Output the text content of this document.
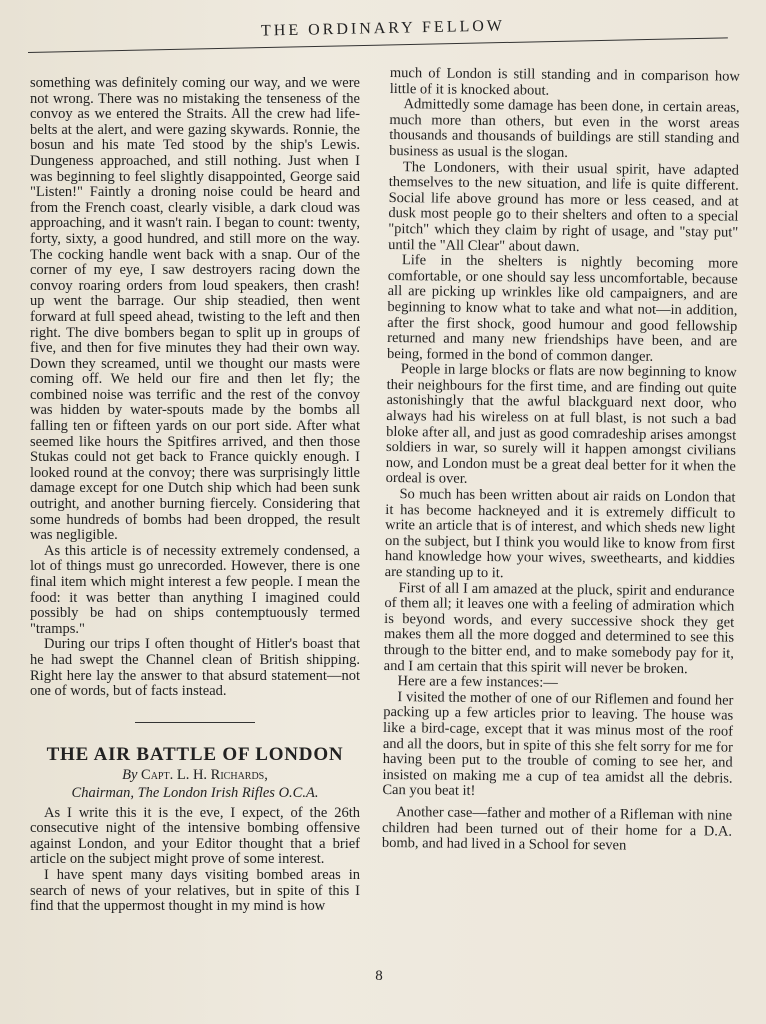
THE ORDINARY FELLOW

something was definitely coming our way, and we were not wrong. There was no mistaking the tenseness of the convoy as we entered the Straits. All the crew had life-belts at the alert, and were gazing skywards. Ronnie, the bosun and his mate Ted stood by the ship's Lewis. Dungeness approached, and still nothing. Just when I was beginning to feel slightly disappointed, George said "Listen!" Faintly a droning noise could be heard and from the French coast, clearly visible, a dark cloud was approaching, and it wasn't rain. I began to count: twenty, forty, sixty, a good hundred, and still more on the way. The cocking handle went back with a snap. Our of the corner of my eye, I saw destroyers racing down the convoy roaring orders from loud speakers, then crash! up went the barrage. Our ship steadied, then went forward at full speed ahead, twisting to the left and then right. The dive bombers began to split up in groups of five, and then for five minutes they had their own way. Down they screamed, until we thought our masts were coming off. We held our fire and then let fly; the combined noise was terrific and the rest of the convoy was hidden by water-spouts made by the bombs all falling ten or fifteen yards on our port side. After what seemed like hours the Spitfires arrived, and then those Stukas could not get back to France quickly enough. I looked round at the convoy; there was surprisingly little damage except for one Dutch ship which had been sunk outright, and another burning fiercely. Considering that some hundreds of bombs had been dropped, the result was negligible.

As this article is of necessity extremely condensed, a lot of things must go unrecorded. However, there is one final item which might interest a few people. I mean the food: it was better than anything I imagined could possibly be had on ships contemptuously termed "tramps."

During our trips I often thought of Hitler's boast that he had swept the Channel clean of British shipping. Right here lay the answer to that absurd statement—not one of words, but of facts instead.

THE AIR BATTLE OF LONDON
By Capt. L. H. Richards,
Chairman, The London Irish Rifles O.C.A.

As I write this it is the eve, I expect, of the 26th consecutive night of the intensive bombing offensive against London, and your Editor thought that a brief article on the subject might prove of some interest.

I have spent many days visiting bombed areas in search of news of your relatives, but in spite of this I find that the uppermost thought in my mind is how

much of London is still standing and in comparison how little of it is knocked about.

Admittedly some damage has been done, in certain areas, much more than others, but even in the worst areas thousands and thousands of buildings are still standing and business as usual is the slogan.

The Londoners, with their usual spirit, have adapted themselves to the new situation, and life is quite different. Social life above ground has more or less ceased, and at dusk most people go to their shelters and often to a special "pitch" which they claim by right of usage, and "stay put" until the "All Clear" about dawn.

Life in the shelters is nightly becoming more comfortable, or one should say less uncomfortable, because all are picking up wrinkles like old campaigners, and are beginning to know what to take and what not—in addition, after the first shock, good humour and good fellowship returned and many new friendships have been, and are being, formed in the bond of common danger.

People in large blocks or flats are now beginning to know their neighbours for the first time, and are finding out quite astonishingly that the awful blackguard next door, who always had his wireless on at full blast, is not such a bad bloke after all, and just as good comradeship arises amongst soldiers in war, so surely will it happen amongst civilians now, and London must be a great deal better for it when the ordeal is over.

So much has been written about air raids on London that it has become hackneyed and it is extremely difficult to write an article that is of interest, and which sheds new light on the subject, but I think you would like to know from first hand knowledge how your wives, sweethearts, and kiddies are standing up to it.

First of all I am amazed at the pluck, spirit and endurance of them all; it leaves one with a feeling of admiration which is beyond words, and every successive shock they get makes them all the more dogged and determined to see this through to the bitter end, and to make somebody pay for it, and I am certain that this spirit will never be broken.

Here are a few instances:—

I visited the mother of one of our Riflemen and found her packing up a few articles prior to leaving. The house was like a bird-cage, except that it was minus most of the roof and all the doors, but in spite of this she felt sorry for me for having been put to the trouble of coming to see her, and insisted on making me a cup of tea amidst all the debris. Can you beat it!

Another case—father and mother of a Rifleman with nine children had been turned out of their home for a D.A. bomb, and had lived in a School for seven

8
